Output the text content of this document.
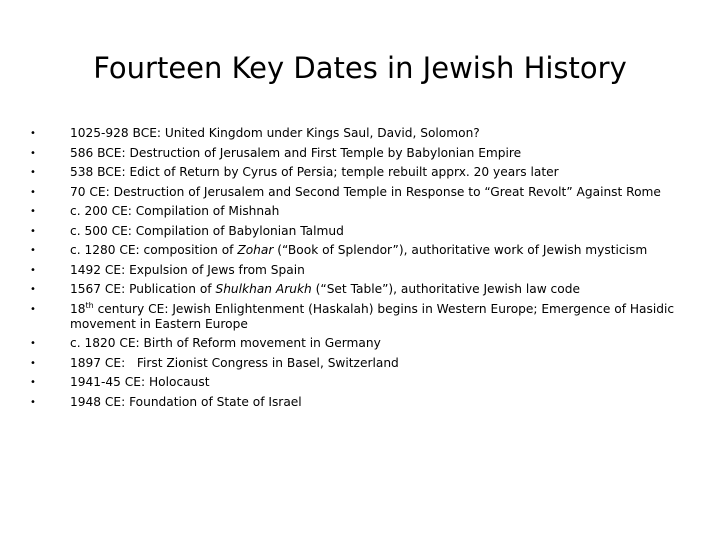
Fourteen Key Dates in Jewish History
•	1025-928 BCE: United Kingdom under Kings Saul, David, Solomon?
•	586 BCE: Destruction of Jerusalem and First Temple by Babylonian Empire
•	538 BCE: Edict of Return by Cyrus of Persia; temple rebuilt apprx. 20 years later
•	70 CE: Destruction of Jerusalem and Second Temple in Response to “Great Revolt” Against Rome
•	c. 200 CE: Compilation of Mishnah
•	c. 500 CE: Compilation of Babylonian Talmud
•	c. 1280 CE: composition of Zohar (“Book of Splendor”), authoritative work of Jewish mysticism
•	1492 CE: Expulsion of Jews from Spain
•	1567 CE: Publication of Shulkhan Arukh (“Set Table”), authoritative Jewish law code
•	18th century CE: Jewish Enlightenment (Haskalah) begins in Western Europe; Emergence of Hasidic movement in Eastern Europe
•	c. 1820 CE: Birth of Reform movement in Germany
•	1897 CE:   First Zionist Congress in Basel, Switzerland
•	1941-45 CE: Holocaust
•	1948 CE: Foundation of State of Israel
